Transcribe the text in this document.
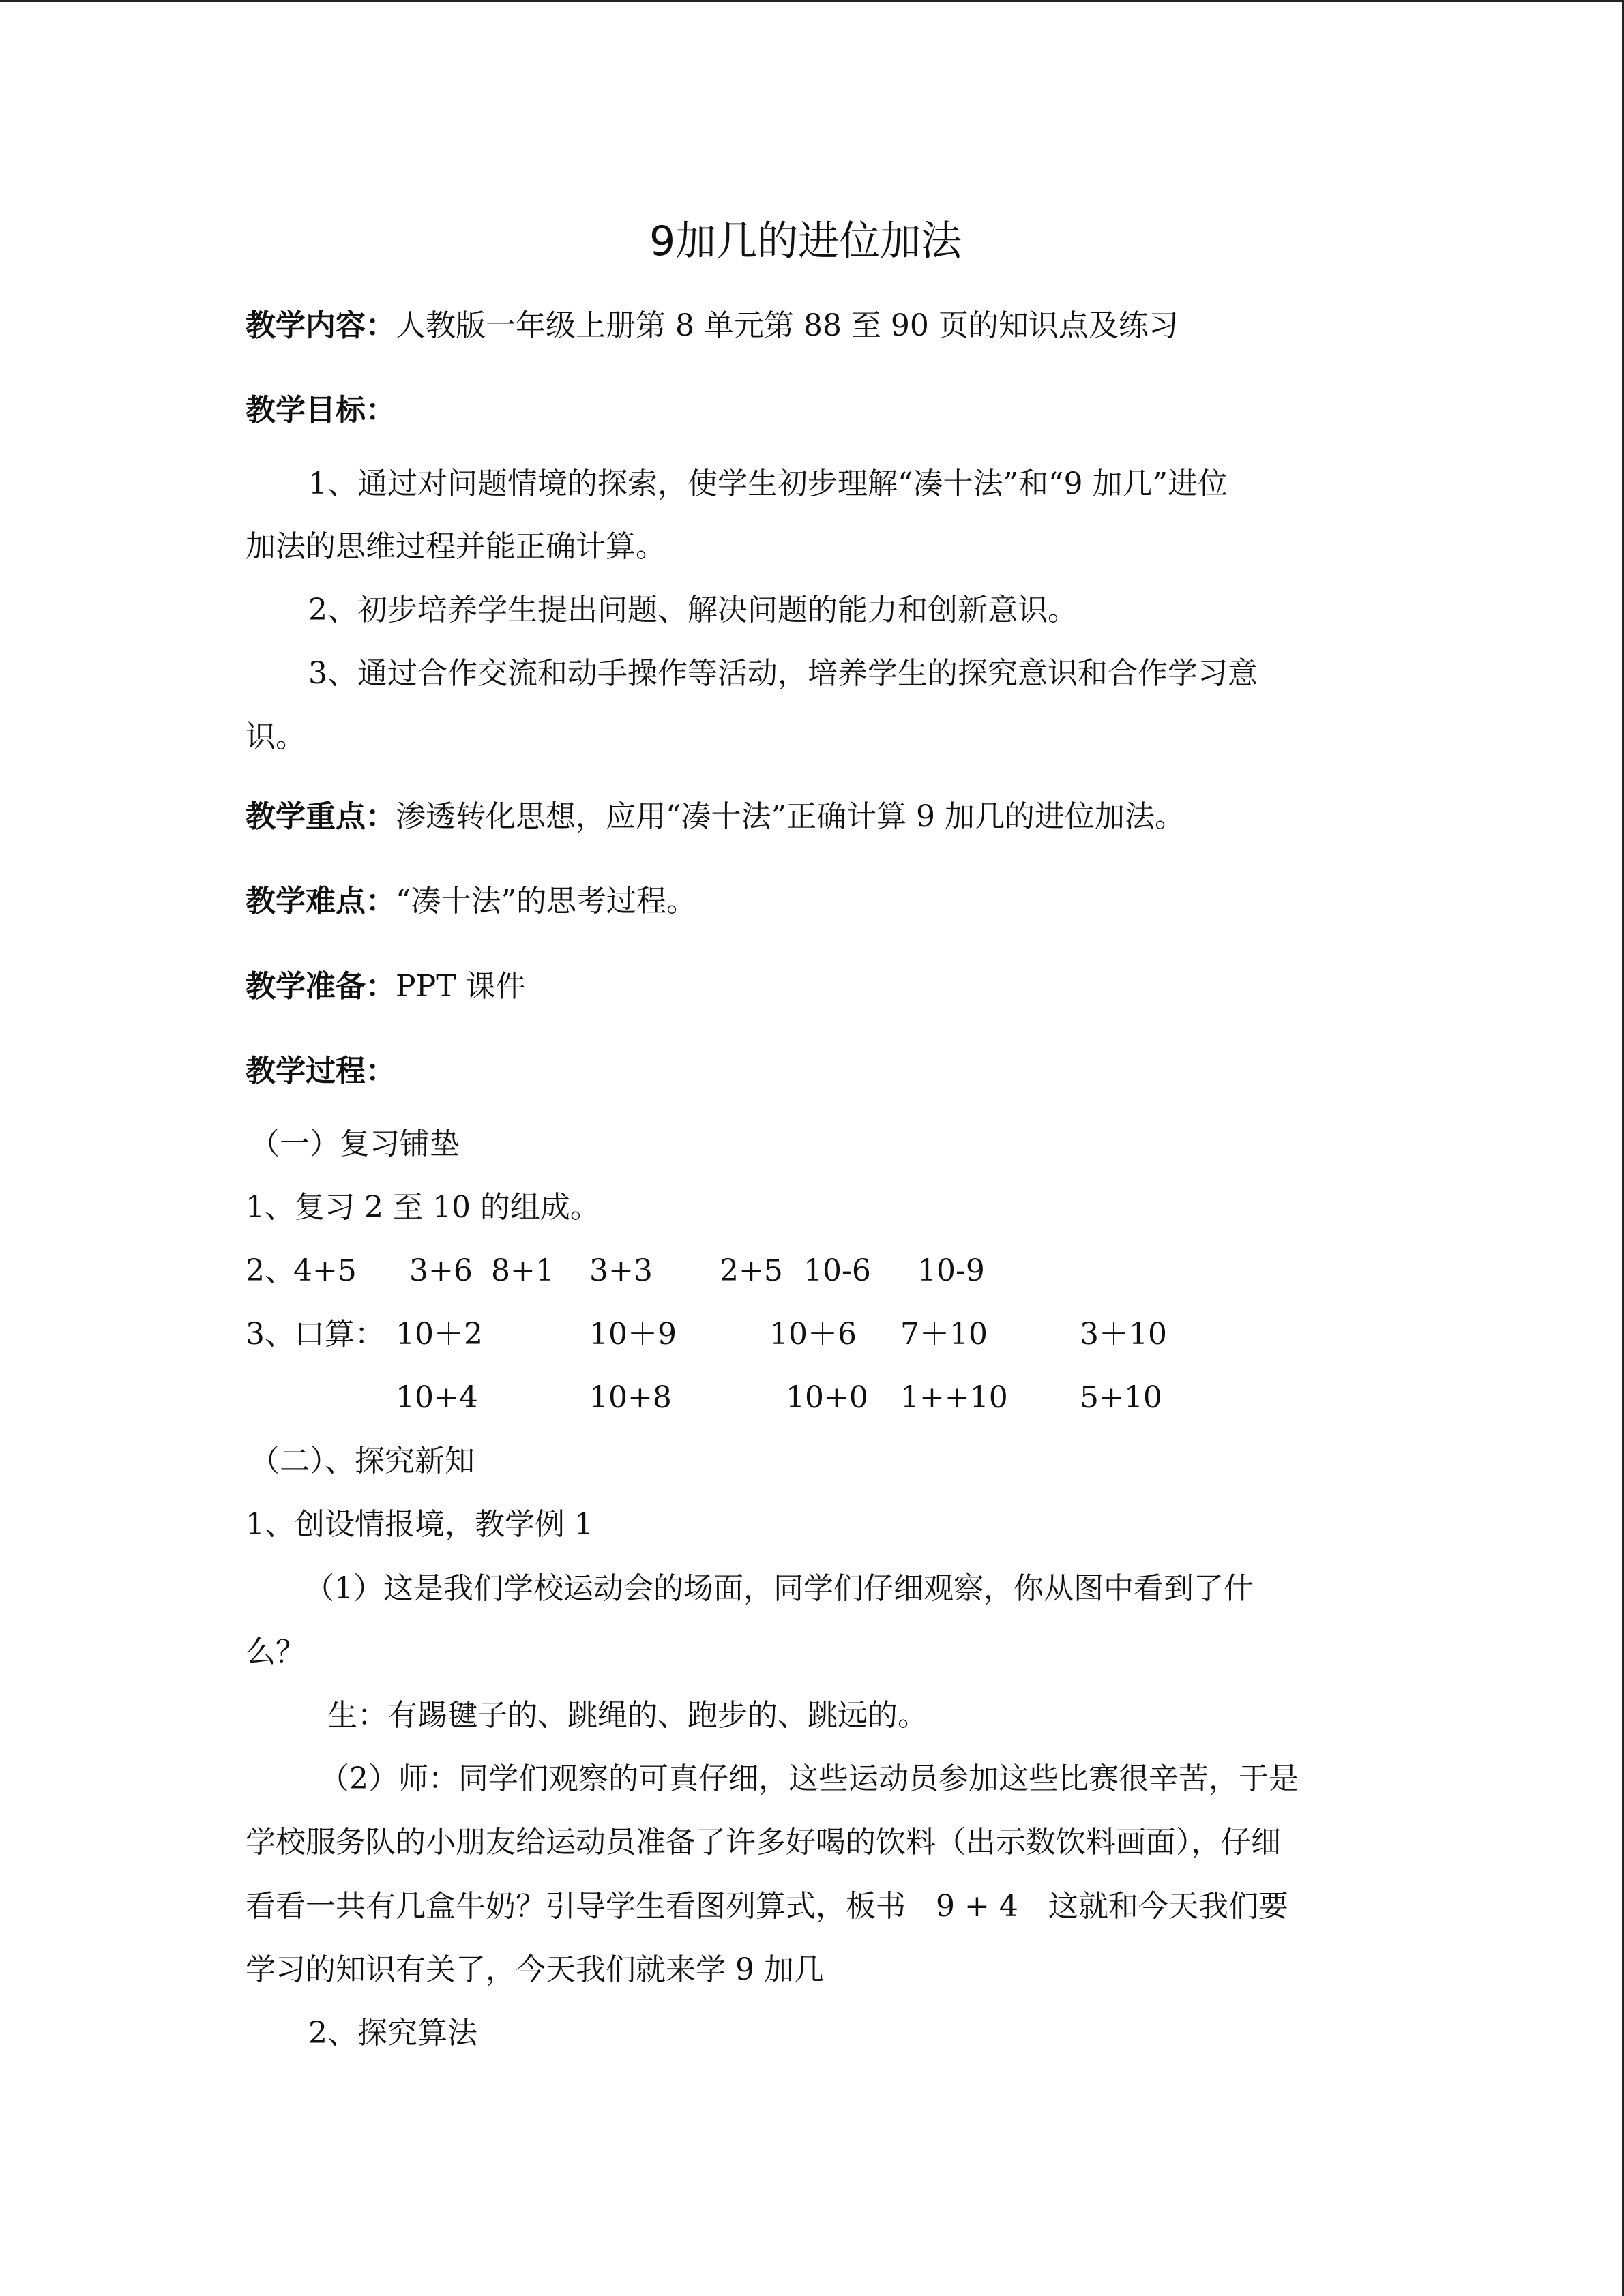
9加几的进位加法
教学内容：人教版一年级上册第 8 单元第 88 至 90 页的知识点及练习
教学目标：
1、通过对问题情境的探索，使学生初步理解“凑十法”和“9 加几”进位
加法的思维过程并能正确计算。
2、初步培养学生提出问题、解决问题的能力和创新意识。
3、通过合作交流和动手操作等活动，培养学生的探究意识和合作学习意
识。
教学重点：渗透转化思想，应用“凑十法”正确计算 9 加几的进位加法。
教学难点：“凑十法”的思考过程。
教学准备：PPT 课件
教学过程：
（一）复习铺垫
1、复习 2 至 10 的组成。
2、
4+5 3+6 8+1 3+3 2+5 10-6 10-9
3、口算： 10＋2	10＋9	10＋6 7＋10	3＋10
10+4	10+8	10+0 1++10 5+10
（二）、探究新知
1、创设情报境，教学例 1
（1）这是我们学校运动会的场面，同学们仔细观察，你从图中看到了什
么？
生：有踢毽子的、跳绳的、跑步的、跳远的。
（2）师：同学们观察的可真仔细，这些运动员参加这些比赛很辛苦，于是
学校服务队的小朋友给运动员准备了许多好喝的饮料（出示数饮料画面），仔细
看看一共有几盒牛奶？引导学生看图列算式，板书　9 + 4　这就和今天我们要
学习的知识有关了，今天我们就来学 9 加几
2、探究算法
